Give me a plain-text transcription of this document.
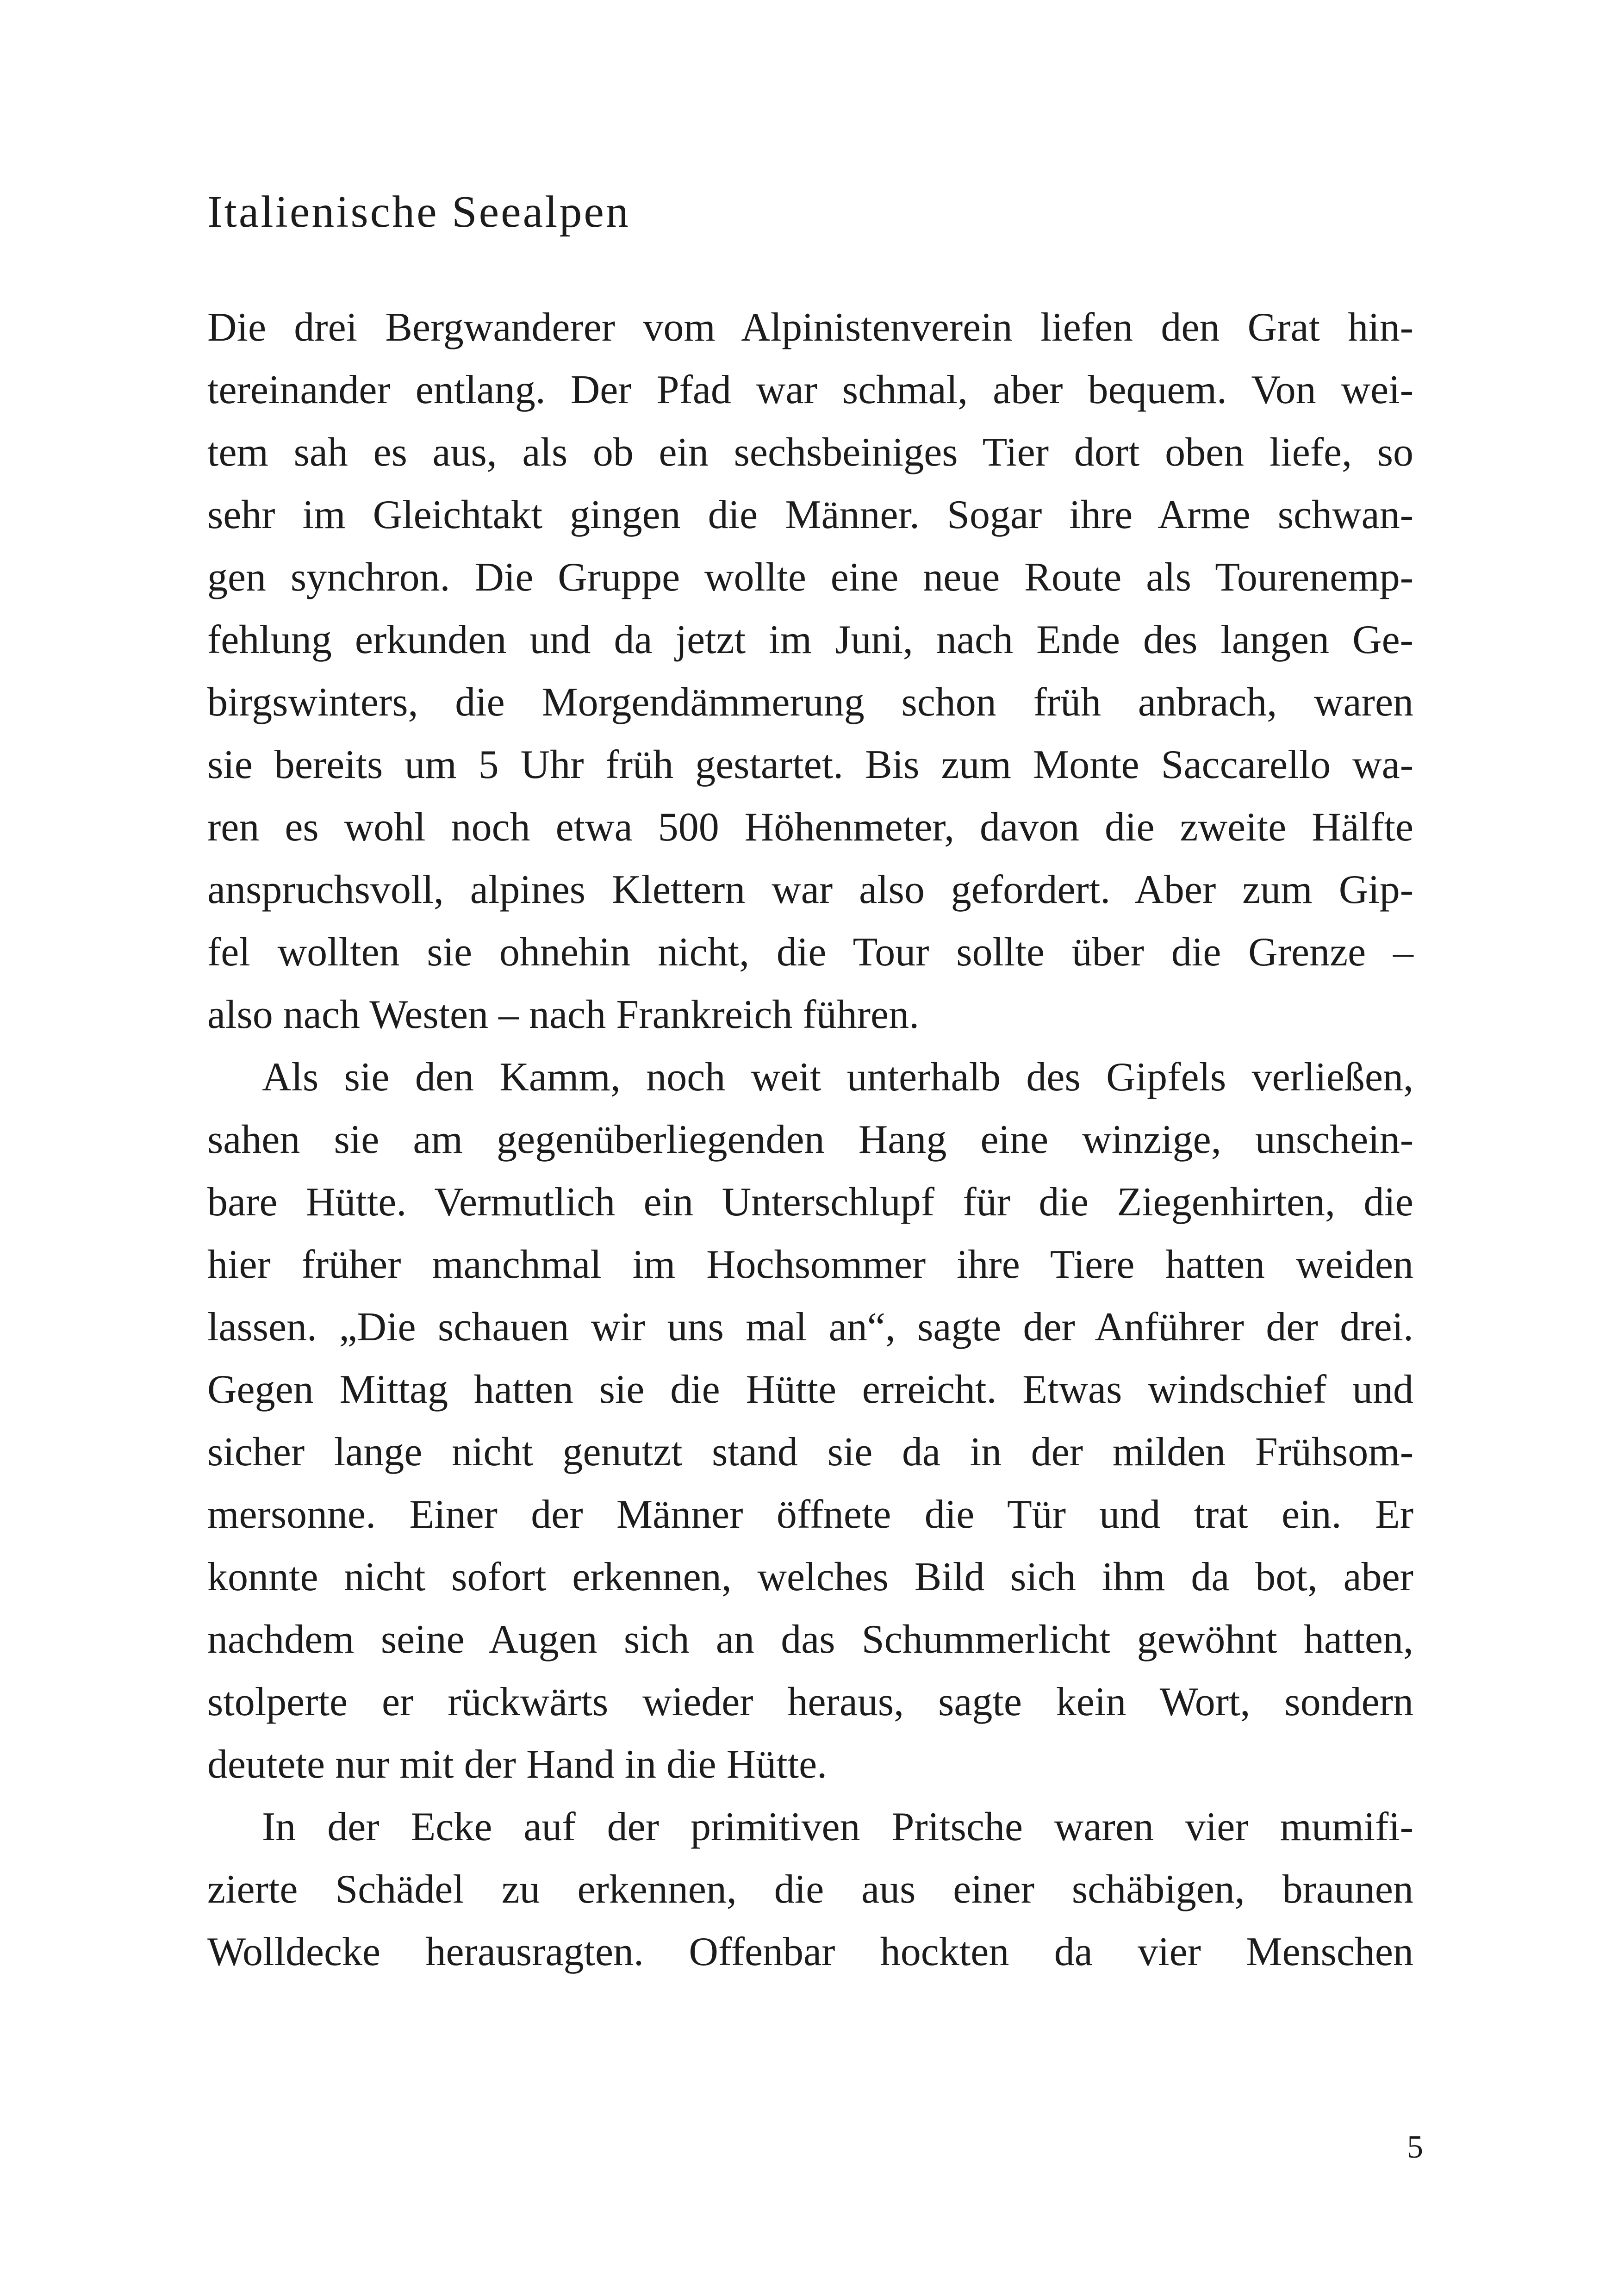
Italienische Seealpen
Die drei Bergwanderer vom Alpinistenverein liefen den Grat hin-
tereinander entlang. Der Pfad war schmal, aber bequem. Von wei-
tem sah es aus, als ob ein sechsbeiniges Tier dort oben liefe, so
sehr im Gleichtakt gingen die Männer. Sogar ihre Arme schwan-
gen synchron. Die Gruppe wollte eine neue Route als Tourenemp-
fehlung erkunden und da jetzt im Juni, nach Ende des langen Ge-
birgswinters, die Morgendämmerung schon früh anbrach, waren
sie bereits um 5 Uhr früh gestartet. Bis zum Monte Saccarello wa-
ren es wohl noch etwa 500 Höhenmeter, davon die zweite Hälfte
anspruchsvoll, alpines Klettern war also gefordert. Aber zum Gip-
fel wollten sie ohnehin nicht, die Tour sollte über die Grenze –
also nach Westen – nach Frankreich führen.
Als sie den Kamm, noch weit unterhalb des Gipfels verließen,
sahen sie am gegenüberliegenden Hang eine winzige, unschein-
bare Hütte. Vermutlich ein Unterschlupf für die Ziegenhirten, die
hier früher manchmal im Hochsommer ihre Tiere hatten weiden
lassen. „Die schauen wir uns mal an“, sagte der Anführer der drei.
Gegen Mittag hatten sie die Hütte erreicht. Etwas windschief und
sicher lange nicht genutzt stand sie da in der milden Frühsom-
mersonne. Einer der Männer öffnete die Tür und trat ein. Er
konnte nicht sofort erkennen, welches Bild sich ihm da bot, aber
nachdem seine Augen sich an das Schummerlicht gewöhnt hatten,
stolperte er rückwärts wieder heraus, sagte kein Wort, sondern
deutete nur mit der Hand in die Hütte.
In der Ecke auf der primitiven Pritsche waren vier mumifi-
zierte Schädel zu erkennen, die aus einer schäbigen, braunen
Wolldecke herausragten. Offenbar hockten da vier Menschen
5
